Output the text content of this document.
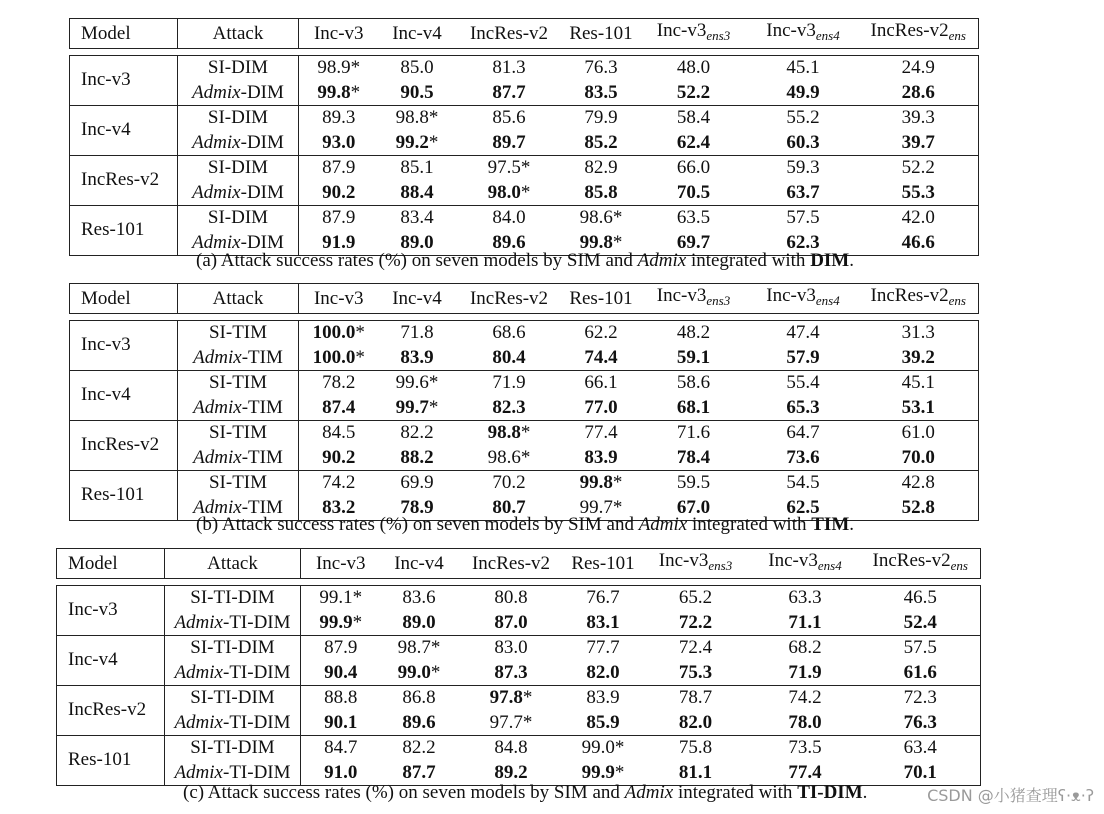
Model	Attack	Inc-v3	Inc-v4	IncRes-v2	Res-101	Inc-$v3_{ens3}$	Inc-$v3_{ens4}$	IncRes-$v2_{ens}$

Inc-v3	SI-DIM	98.9*	85.0	81.3	76.3	48.0	45.1	24.9
	Admix-DIM	99.8*	90.5	87.7	83.5	52.2	49.9	28.6
Inc-v4	SI-DIM	89.3	98.8*	85.6	79.9	58.4	55.2	39.3
	Admix-DIM	93.0	99.2*	89.7	85.2	62.4	60.3	39.7
IncRes-v2	SI-DIM	87.9	85.1	97.5*	82.9	66.0	59.3	52.2
	Admix-DIM	90.2	88.4	98.0*	85.8	70.5	63.7	55.3
Res-101	SI-DIM	87.9	83.4	84.0	98.6*	63.5	57.5	42.0
	Admix-DIM	91.9	89.0	89.6	99.8*	69.7	62.3	46.6
(a) Attack success rates (%) on seven models by SIM and Admix integrated with DIM.
Model	Attack	Inc-v3	Inc-v4	IncRes-v2	Res-101	Inc-$v3_{ens3}$	Inc-$v3_{ens4}$	IncRes-$v2_{ens}$

Inc-v3	SI-TIM	100.0*	71.8	68.6	62.2	48.2	47.4	31.3
	Admix-TIM	100.0*	83.9	80.4	74.4	59.1	57.9	39.2
Inc-v4	SI-TIM	78.2	99.6*	71.9	66.1	58.6	55.4	45.1
	Admix-TIM	87.4	99.7*	82.3	77.0	68.1	65.3	53.1
IncRes-v2	SI-TIM	84.5	82.2	98.8*	77.4	71.6	64.7	61.0
	Admix-TIM	90.2	88.2	98.6*	83.9	78.4	73.6	70.0
Res-101	SI-TIM	74.2	69.9	70.2	99.8*	59.5	54.5	42.8
	Admix-TIM	83.2	78.9	80.7	99.7*	67.0	62.5	52.8
(b) Attack success rates (%) on seven models by SIM and Admix integrated with TIM.
Model	Attack	Inc-v3	Inc-v4	IncRes-v2	Res-101	Inc-$v3_{ens3}$	Inc-$v3_{ens4}$	IncRes-$v2_{ens}$

Inc-v3	SI-TI-DIM	99.1*	83.6	80.8	76.7	65.2	63.3	46.5
	Admix-TI-DIM	99.9*	89.0	87.0	83.1	72.2	71.1	52.4
Inc-v4	SI-TI-DIM	87.9	98.7*	83.0	77.7	72.4	68.2	57.5
	Admix-TI-DIM	90.4	99.0*	87.3	82.0	75.3	71.9	61.6
IncRes-v2	SI-TI-DIM	88.8	86.8	97.8*	83.9	78.7	74.2	72.3
	Admix-TI-DIM	90.1	89.6	97.7*	85.9	82.0	78.0	76.3
Res-101	SI-TI-DIM	84.7	82.2	84.8	99.0*	75.8	73.5	63.4
	Admix-TI-DIM	91.0	87.7	89.2	99.9*	81.1	77.4	70.1
(c) Attack success rates (%) on seven models by SIM and Admix integrated with TI-DIM.	CSDN @小猪查理ʕ·ᴥ·ʔ
